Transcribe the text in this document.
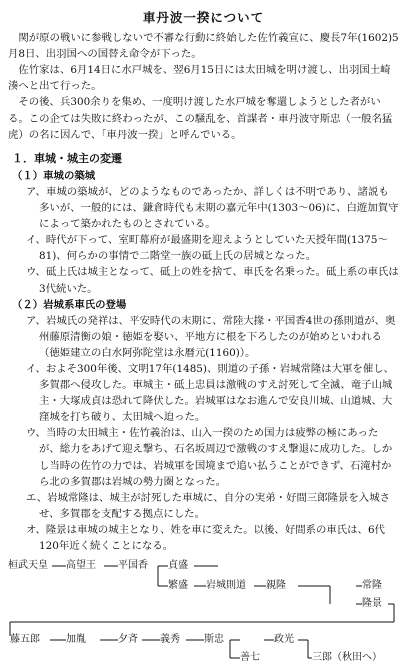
車丹波一揆について

関が原の戦いに参戦しないで不審な行動に終始した佐竹義宣に、慶長7年(1602)5月8日、出羽国への国替え命令が下った。

佐竹家は、6月14日に水戸城を、翌6月15日には太田城を明け渡し、出羽国土崎湊へと出て行った。

その後、兵300余りを集め、一度明け渡した水戸城を奪還しようとした者がいる。この企ては失敗に終わったが、この騒乱を、首謀者・車丹波守斯忠（一般名猛虎）の名に因んで、「車丹波一揆」と呼んでいる。

１．車城・城主の変遷
（１）車城の築城
ア、車城の築城が、どのようなものであったか、詳しくは不明であり、諸説も多いが、一般的には、鎌倉時代も末期の嘉元年中(1303～06)に、白遊加賀守によって築かれたものとされている。
イ、時代が下って、室町幕府が最盛期を迎えようとしていた天授年間(1375～81)、何らかの事情で二階堂一族の砥上氏の居城となった。
ウ、砥上氏は城主となって、砥上の姓を捨て、車氏を名乗った。砥上系の車氏は3代続いた。
（２）岩城系車氏の登場
ア、岩城氏の発祥は、平安時代の末期に、常陸大掾・平国香4世の孫則道が、奥州藤原清衡の娘・徳姫を娶い、平地方に根を下ろしたのが始めといわれる（徳姫建立の白水阿弥陀堂は永暦元(1160)）。
イ、およそ300年後、文明17年(1485)、則道の子孫・岩城常隆は大軍を催し、多賀郡へ侵攻した。車城主・砥上忠員は激戦のすえ討死して全滅、竜子山城主・大塚成貞は恐れて降伏した。岩城軍はなお進んで安良川城、山道城、大窪城を打ち破り、太田城へ迫った。
ウ、当時の太田城主・佐竹義治は、山入一揆のため国力は疲弊の極にあったが、総力をあげて迎え撃ち、石名坂周辺で激戦のすえ撃退に成功した。しかし当時の佐竹の力では、岩城軍を国境まで追い払うことができず、石滝村から北の多賀郡は岩城の勢力圏となった。
エ、岩城常隆は、城主が討死した車城に、自分の実弟・好間三郎隆景を入城させ、多賀郡を支配する拠点にした。
オ、隆景は車城の城主となり、姓を車に変えた。以後、好間系の車氏は、6代120年近く続くことになる。
桓武天皇 高望王 平国香 貞盛
繁盛 岩城則道 親隆	常隆
隆景
藤五郎	加胤	夕斉 義秀 斯忠	政光
善七	三郎（秋田へ）
